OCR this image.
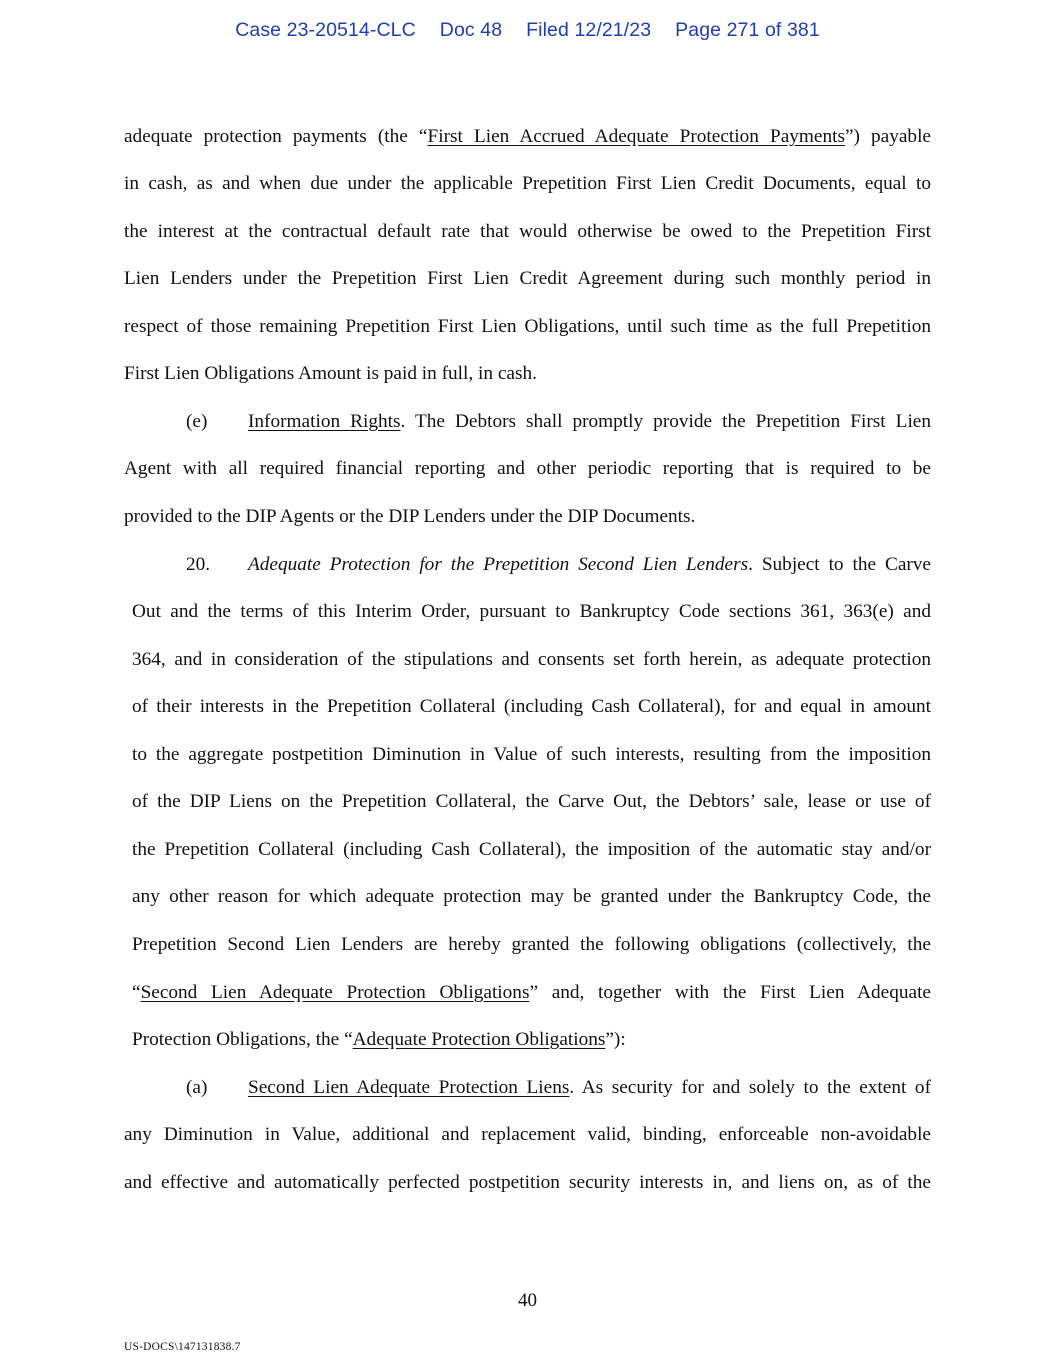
Case 23-20514-CLC Doc 48 Filed 12/21/23 Page 271 of 381
adequate protection payments (the “First Lien Accrued Adequate Protection Payments”) payable
in cash, as and when due under the applicable Prepetition First Lien Credit Documents, equal to
the interest at the contractual default rate that would otherwise be owed to the Prepetition First
Lien Lenders under the Prepetition First Lien Credit Agreement during such monthly period in
respect of those remaining Prepetition First Lien Obligations, until such time as the full Prepetition
First Lien Obligations Amount is paid in full, in cash.
(e) Information Rights. The Debtors shall promptly provide the Prepetition First Lien
Agent with all required financial reporting and other periodic reporting that is required to be
provided to the DIP Agents or the DIP Lenders under the DIP Documents.
20. Adequate Protection for the Prepetition Second Lien Lenders. Subject to the Carve
Out and the terms of this Interim Order, pursuant to Bankruptcy Code sections 361, 363(e) and
364, and in consideration of the stipulations and consents set forth herein, as adequate protection
of their interests in the Prepetition Collateral (including Cash Collateral), for and equal in amount
to the aggregate postpetition Diminution in Value of such interests, resulting from the imposition
of the DIP Liens on the Prepetition Collateral, the Carve Out, the Debtors’ sale, lease or use of
the Prepetition Collateral (including Cash Collateral), the imposition of the automatic stay and/or
any other reason for which adequate protection may be granted under the Bankruptcy Code, the
Prepetition Second Lien Lenders are hereby granted the following obligations (collectively, the
“Second Lien Adequate Protection Obligations” and, together with the First Lien Adequate
Protection Obligations, the “Adequate Protection Obligations”):
(a) Second Lien Adequate Protection Liens. As security for and solely to the extent of
any Diminution in Value, additional and replacement valid, binding, enforceable non-avoidable
and effective and automatically perfected postpetition security interests in, and liens on, as of the
40
US-DOCS\147131838.7
